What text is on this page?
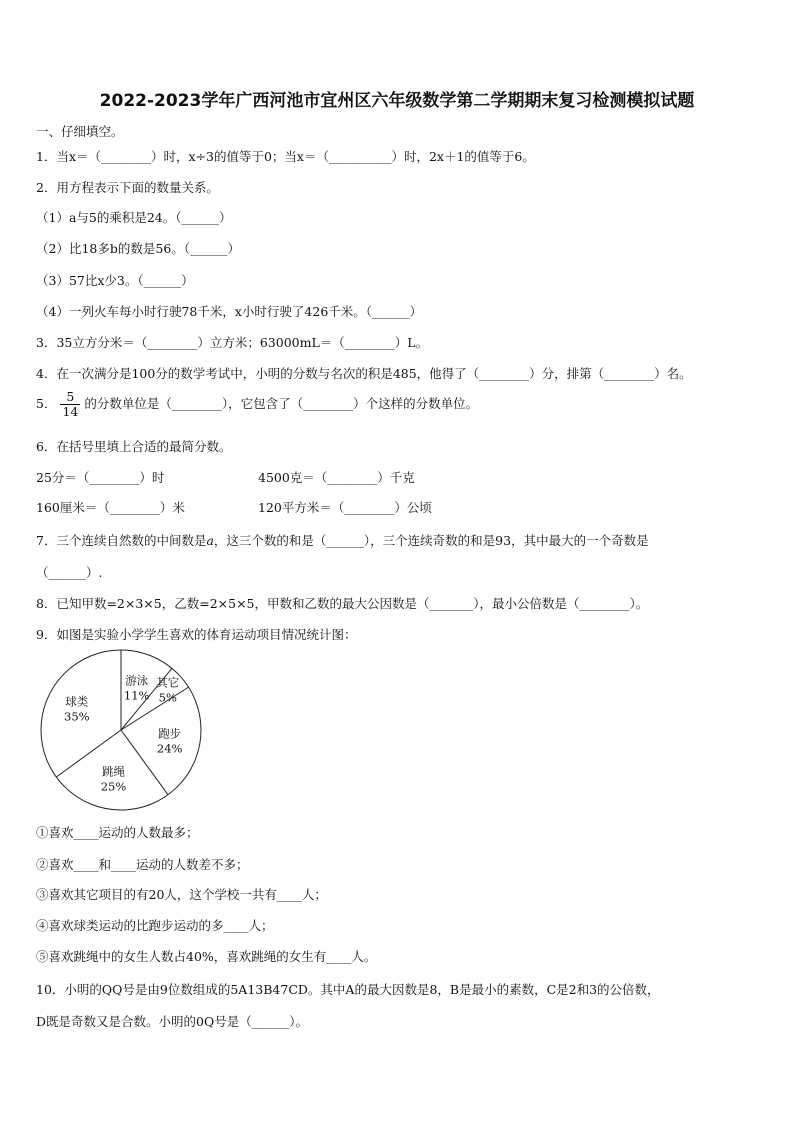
2022-2023学年广西河池市宜州区六年级数学第二学期期末复习检测模拟试题
一、仔细填空。
1．当x＝（________）时，x÷3的值等于0；当x＝（__________）时，2x＋1的值等于6。
2．用方程表示下面的数量关系。
（1）a与5的乘积是24。（______）
（2）比18多b的数是56。（______）
（3）57比x少3。（______）
（4）一列火车每小时行驶78千米，x小时行驶了426千米。（______）
3．35立方分米＝（________）立方米；63000mL＝（________）L。
4．在一次满分是100分的数学考试中，小明的分数与名次的积是485，他得了（________）分，排第（________）名。
5． $\frac{5}{14}$ 的分数单位是（________），它包含了（________）个这样的分数单位。
6．在括号里填上合适的最简分数。
25分＝（________）时	4500克＝（________）千克
160厘米＝（________）米	120平方米＝（________）公顷
7．三个连续自然数的中间数是a，这三个数的和是（______），三个连续奇数的和是93，其中最大的一个奇数是
（______）.
8．已知甲数=2×3×5，乙数=2×5×5，甲数和乙数的最大公因数是（_______），最小公倍数是（________）。
9．如图是实验小学学生喜欢的体育运动项目情况统计图：
游泳
11%
其它
5%
跑步
24%
跳绳
25%
球类
35%
①喜欢____运动的人数最多；
②喜欢____和____运动的人数差不多；
③喜欢其它项目的有20人，这个学校一共有____人；
④喜欢球类运动的比跑步运动的多____人；
⑤喜欢跳绳中的女生人数占40%，喜欢跳绳的女生有____人。
10．小明的QQ号是由9位数组成的5A13B47CD。其中A的最大因数是8，B是最小的素数，C是2和3的公倍数，
D既是奇数又是合数。小明的0Q号是（______）。
